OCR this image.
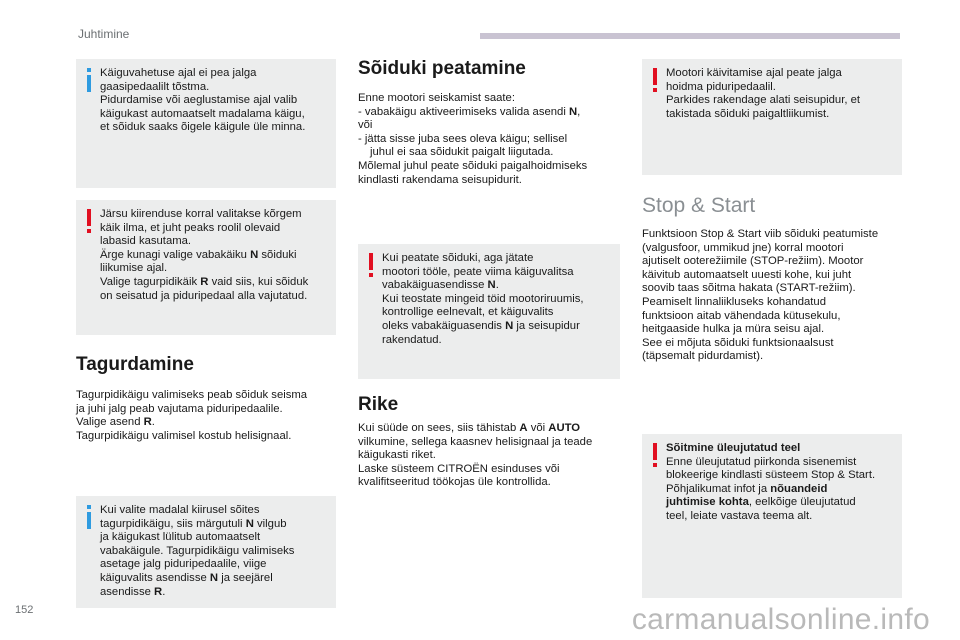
Juhtimine

Käiguvahetuse ajal ei pea jalga
gaasipedaalilt tõstma.
Pidurdamise või aeglustamise ajal valib
käigukast automaatselt madalama käigu,
et sõiduk saaks õigele käigule üle minna.

Järsu kiirenduse korral valitakse kõrgem
käik ilma, et juht peaks roolil olevaid
labasid kasutama.
Ärge kunagi valige vabakäiku N sõiduki
liikumise ajal.
Valige tagurpidikäik R vaid siis, kui sõiduk
on seisatud ja piduripedaal alla vajutatud.

Tagurdamine
Tagurpidikäigu valimiseks peab sõiduk seisma
ja juhi jalg peab vajutama piduripedaalile.
Valige asend R.
Tagurpidikäigu valimisel kostub helisignaal.

Kui valite madalal kiirusel sõites
tagurpidikäigu, siis märgutuli N vilgub
ja käigukast lülitub automaatselt
vabakäigule. Tagurpidikäigu valimiseks
asetage jalg piduripedaalile, viige
käiguvalits asendisse N ja seejärel
asendisse R.

Sõiduki peatamine
Enne mootori seiskamist saate:
- vabakäigu aktiveerimiseks valida asendi N,
või
- jätta sisse juba sees oleva käigu; sellisel
juhul ei saa sõidukit paigalt liigutada.
Mõlemal juhul peate sõiduki paigalhoidmiseks
kindlasti rakendama seisupidurit.

Kui peatate sõiduki, aga jätate
mootori tööle, peate viima käiguvalitsa
vabakäiguasendisse N.
Kui teostate mingeid töid mootoriruumis,
kontrollige eelnevalt, et käiguvalits
oleks vabakäiguasendis N ja seisupidur
rakendatud.

Rike
Kui süüde on sees, siis tähistab A või AUTO
vilkumine, sellega kaasnev helisignaal ja teade
käigukasti riket.
Laske süsteem CITROËN esinduses või
kvalifitseeritud töökojas üle kontrollida.

Mootori käivitamise ajal peate jalga
hoidma piduripedaalil.
Parkides rakendage alati seisupidur, et
takistada sõiduki paigaltliikumist.

Stop & Start
Funktsioon Stop & Start viib sõiduki peatumiste
(valgusfoor, ummikud jne) korral mootori
ajutiselt ooterežiimile (STOP-režiim). Mootor
käivitub automaatselt uuesti kohe, kui juht
soovib taas sõitma hakata (START-režiim).
Peamiselt linnaliikluseks kohandatud
funktsioon aitab vähendada kütusekulu,
heitgaaside hulka ja müra seisu ajal.
See ei mõjuta sõiduki funktsionaalsust
(täpsemalt pidurdamist).

Sõitmine üleujutatud teel
Enne üleujutatud piirkonda sisenemist
blokeerige kindlasti süsteem Stop & Start.
Põhjalikumat infot ja nõuandeid
juhtimise kohta, eelkõige üleujutatud
teel, leiate vastava teema alt.

152	carmanualsonline.info
